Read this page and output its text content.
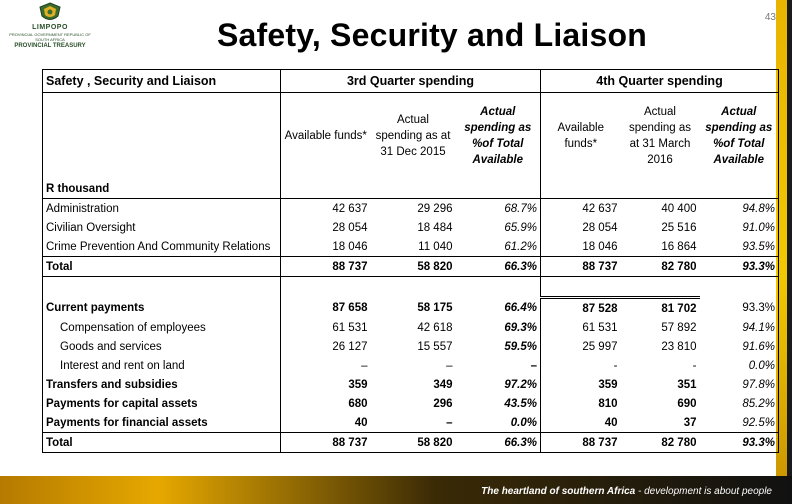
LIMPOPO
PROVINCIAL GOVERNMENT REPUBLIC OF SOUTH AFRICA
PROVINCIAL TREASURY	Safety, Security and Liaison	43
Safety , Security and Liaison	3rd Quarter spending			4th Quarter spending		
	Available funds*	Actual spending as at 31 Dec 2015	Actual spending as %of Total Available	Available funds*	Actual spending as at 31 March 2016	Actual spending as %of Total Available
R thousand						
Administration	42 637	29 296	68.7%	42 637	40 400	94.8%
Civilian Oversight	28 054	18 484	65.9%	28 054	25 516	91.0%
Crime Prevention And Community Relations	18 046	11 040	61.2%	18 046	16 864	93.5%
Total	88 737	58 820	66.3%	88 737	82 780	93.3%

Current payments	87 658	58 175	66.4%	87 528	81 702	93.3%
Compensation of employees	61 531	42 618	69.3%	61 531	57 892	94.1%
Goods and services	26 127	15 557	59.5%	25 997	23 810	91.6%
Interest and rent on land	–	–	–	-	-	0.0%
Transfers and subsidies	359	349	97.2%	359	351	97.8%
Payments for capital assets	680	296	43.5%	810	690	85.2%
Payments for financial assets	40	–	0.0%	40	37	92.5%
Total	88 737	58 820	66.3%	88 737	82 780	93.3%
The heartland of southern Africa - development is about people
